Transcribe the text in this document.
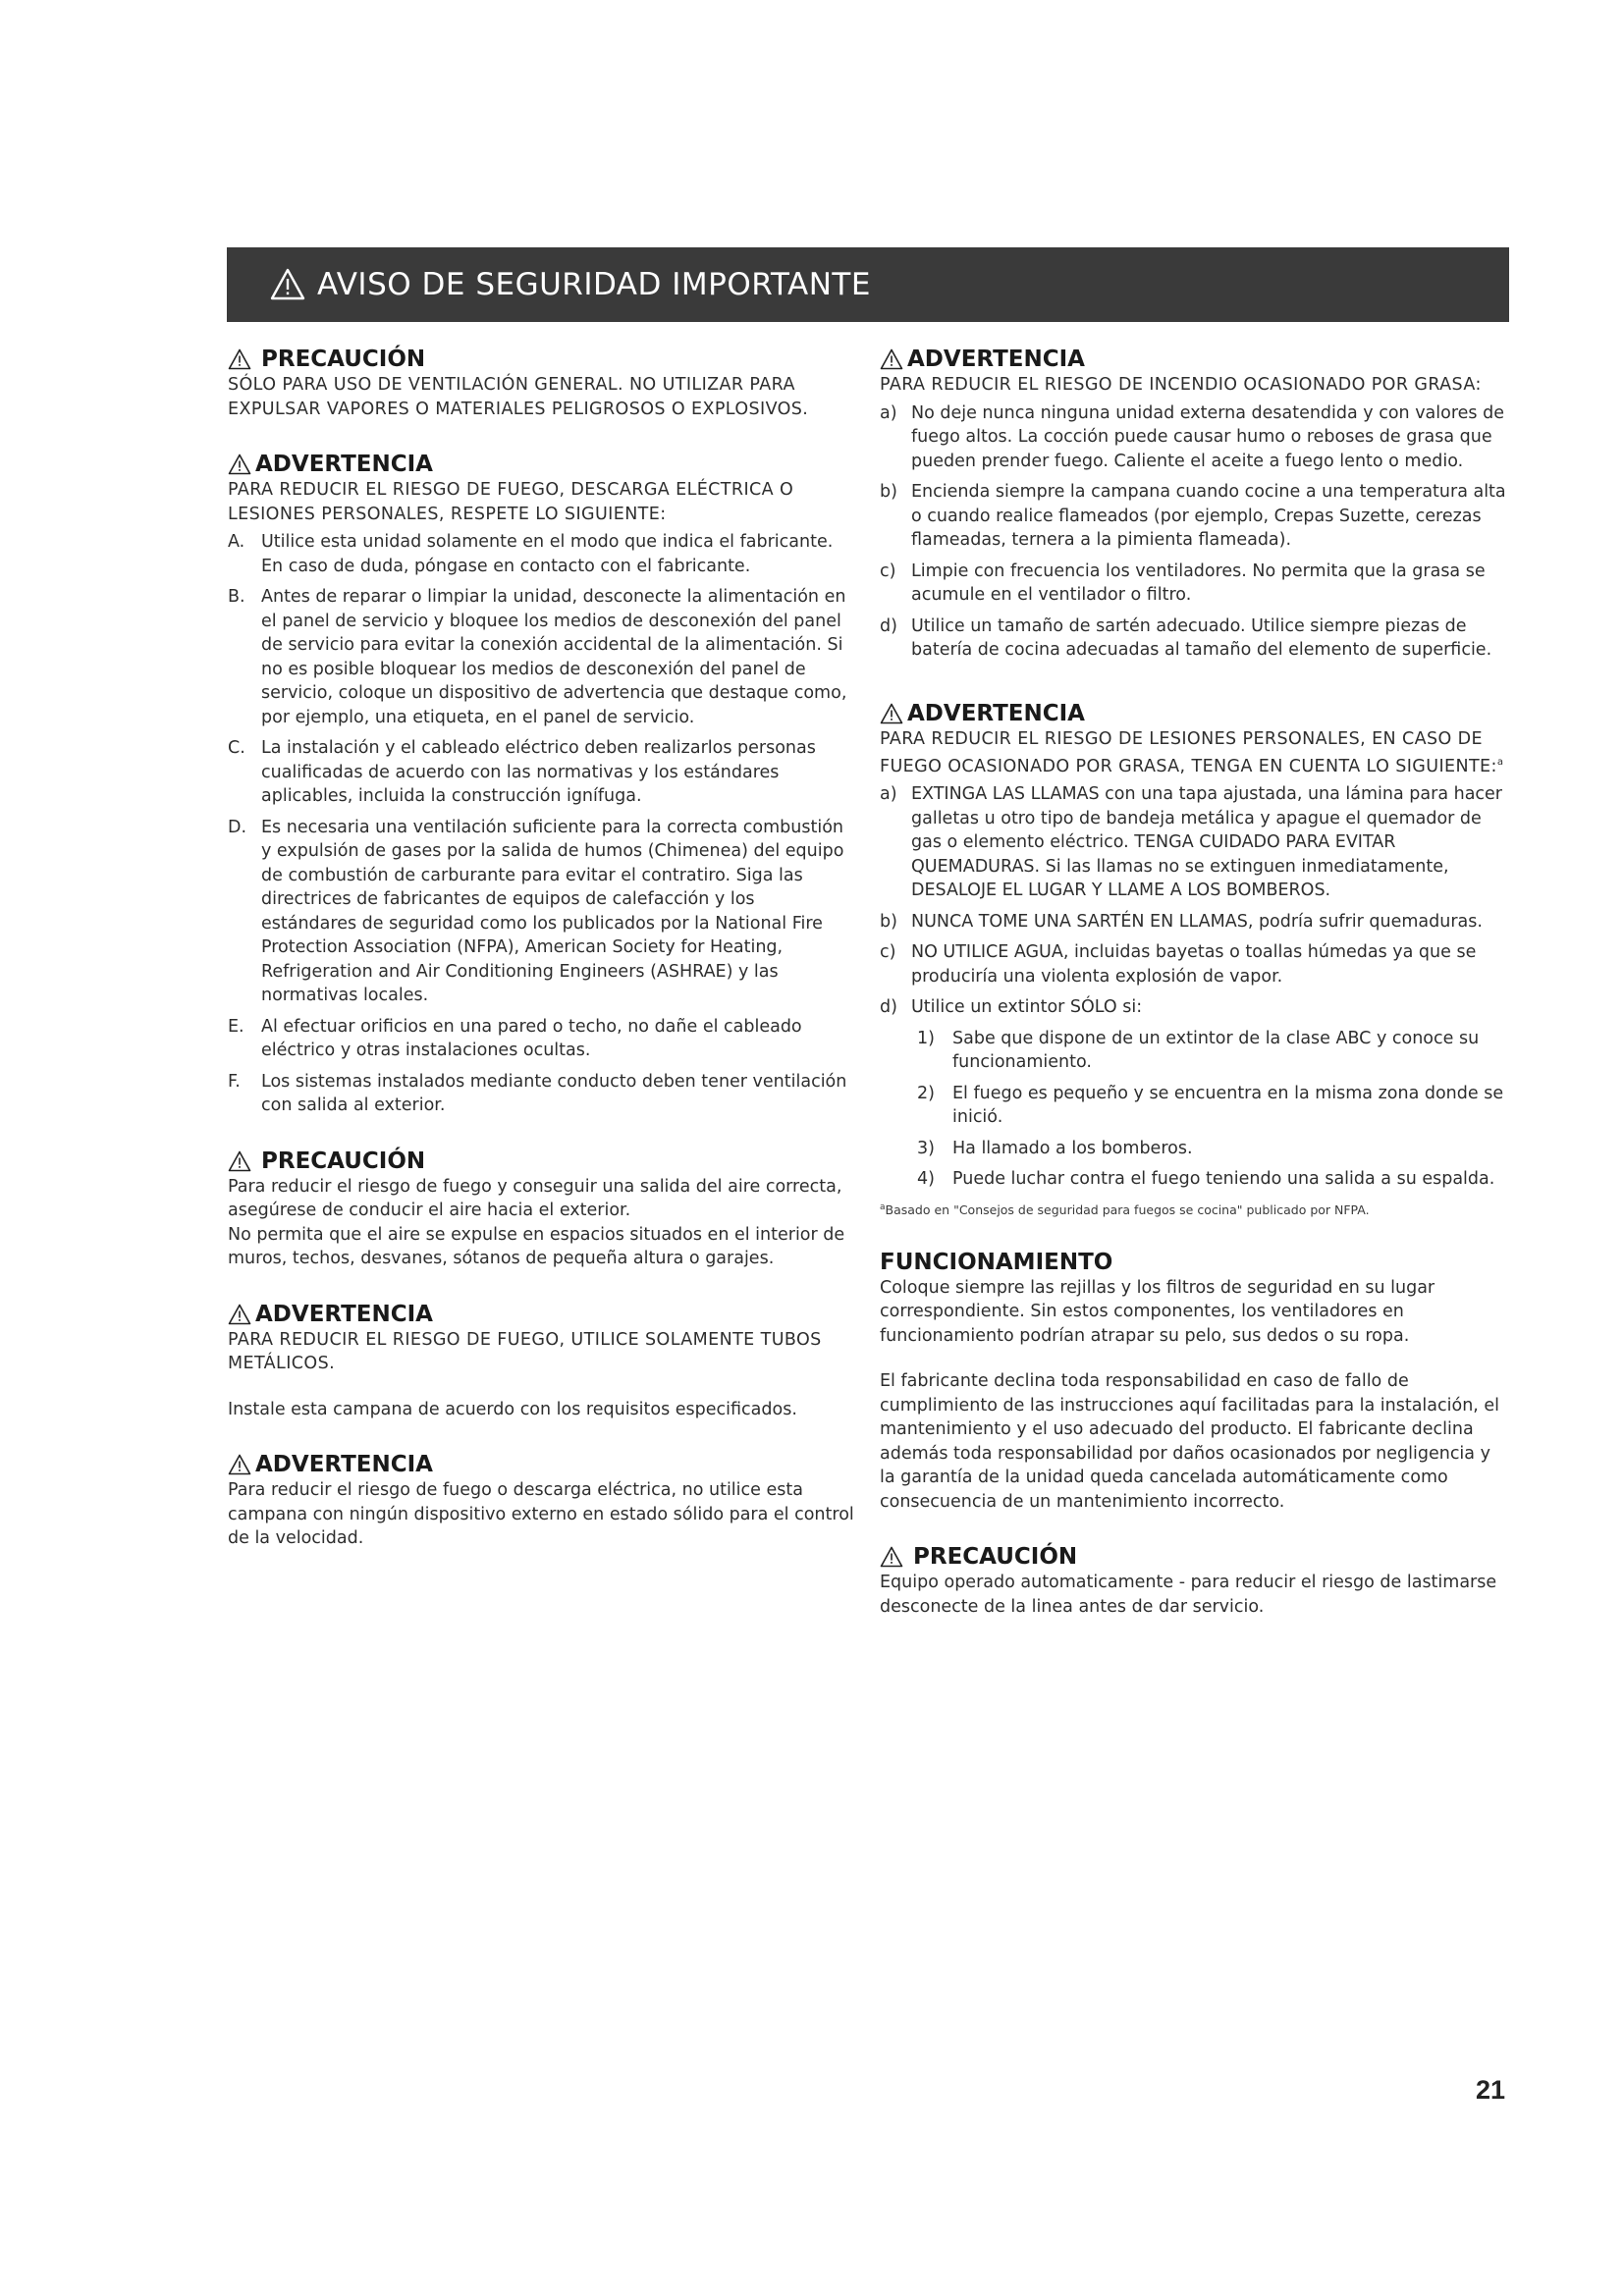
AVISO DE SEGURIDAD IMPORTANTE
PRECAUCIÓN
SÓLO PARA USO DE VENTILACIÓN GENERAL. NO UTILIZAR PARA EXPULSAR VAPORES O MATERIALES PELIGROSOS O EXPLOSIVOS.
ADVERTENCIA
PARA REDUCIR EL RIESGO DE FUEGO, DESCARGA ELÉCTRICA O LESIONES PERSONALES, RESPETE LO SIGUIENTE:
A. Utilice esta unidad solamente en el modo que indica el fabricante. En caso de duda, póngase en contacto con el fabricante.
B. Antes de reparar o limpiar la unidad, desconecte la alimentación en el panel de servicio y bloquee los medios de desconexión del panel de servicio para evitar la conexión accidental de la alimentación. Si no es posible bloquear los medios de desconexión del panel de servicio, coloque un dispositivo de advertencia que destaque como, por ejemplo, una etiqueta, en el panel de servicio.
C. La instalación y el cableado eléctrico deben realizarlos personas cualificadas de acuerdo con las normativas y los estándares aplicables, incluida la construcción ignífuga.
D. Es necesaria una ventilación suficiente para la correcta combustión y expulsión de gases por la salida de humos (Chimenea) del equipo de combustión de carburante para evitar el contratiro. Siga las directrices de fabricantes de equipos de calefacción y los estándares de seguridad como los publicados por la National Fire Protection Association (NFPA), American Society for Heating, Refrigeration and Air Conditioning Engineers (ASHRAE) y las normativas locales.
E. Al efectuar orificios en una pared o techo, no dañe el cableado eléctrico y otras instalaciones ocultas.
F.	Los sistemas instalados mediante conducto deben tener ventilación con salida al exterior.
PRECAUCIÓN
Para reducir el riesgo de fuego y conseguir una salida del aire correcta, asegúrese de conducir el aire hacia el exterior.
No permita que el aire se expulse en espacios situados en el interior de muros, techos, desvanes, sótanos de pequeña altura o garajes.
ADVERTENCIA
PARA REDUCIR EL RIESGO DE FUEGO, UTILICE SOLAMENTE TUBOS METÁLICOS.
Instale esta campana de acuerdo con los requisitos especificados.
ADVERTENCIA
Para reducir el riesgo de fuego o descarga eléctrica, no utilice esta campana con ningún dispositivo externo en estado sólido para el control de la velocidad.
ADVERTENCIA
PARA REDUCIR EL RIESGO DE INCENDIO OCASIONADO POR GRASA:
a) No deje nunca ninguna unidad externa desatendida y con valores de fuego altos. La cocción puede causar humo o reboses de grasa que pueden prender fuego. Caliente el aceite a fuego lento o medio.
b) Encienda siempre la campana cuando cocine a una temperatura alta o cuando realice flameados (por ejemplo, Crepas Suzette, cerezas flameadas, ternera a la pimienta flameada).
c) Limpie con frecuencia los ventiladores. No permita que la grasa se acumule en el ventilador o filtro.
d) Utilice un tamaño de sartén adecuado. Utilice siempre piezas de batería de cocina adecuadas al tamaño del elemento de superficie.
ADVERTENCIA
PARA REDUCIR EL RIESGO DE LESIONES PERSONALES, EN CASO DE FUEGO OCASIONADO POR GRASA, TENGA EN CUENTA LO SIGUIENTE:$^a$
a) EXTINGA LAS LLAMAS con una tapa ajustada, una lámina para hacer galletas u otro tipo de bandeja metálica y apague el quemador de gas o elemento eléctrico. TENGA CUIDADO PARA EVITAR QUEMADURAS. Si las llamas no se extinguen inmediatamente, DESALOJE EL LUGAR Y LLAME A LOS BOMBEROS.
b) NUNCA TOME UNA SARTÉN EN LLAMAS, podría sufrir quemaduras.
c) NO UTILICE AGUA, incluidas bayetas o toallas húmedas ya que se produciría una violenta explosión de vapor.
d) Utilice un extintor SÓLO si:
1)	Sabe que dispone de un extintor de la clase ABC y conoce su funcionamiento.
2)	El fuego es pequeño y se encuentra en la misma zona donde se inició.
3)	Ha llamado a los bomberos.
4)	Puede luchar contra el fuego teniendo una salida a su espalda.
$^a$Basado en "Consejos de seguridad para fuegos se cocina" publicado por NFPA.
FUNCIONAMIENTO
Coloque siempre las rejillas y los filtros de seguridad en su lugar correspondiente. Sin estos componentes, los ventiladores en funcionamiento podrían atrapar su pelo, sus dedos o su ropa.
El fabricante declina toda responsabilidad en caso de fallo de cumplimiento de las instrucciones aquí facilitadas para la instalación, el mantenimiento y el uso adecuado del producto. El fabricante declina además toda responsabilidad por daños ocasionados por negligencia y la garantía de la unidad queda cancelada automáticamente como consecuencia de un mantenimiento incorrecto.
PRECAUCIÓN
Equipo operado automaticamente - para reducir el riesgo de lastimarse desconecte de la linea antes de dar servicio.
21
